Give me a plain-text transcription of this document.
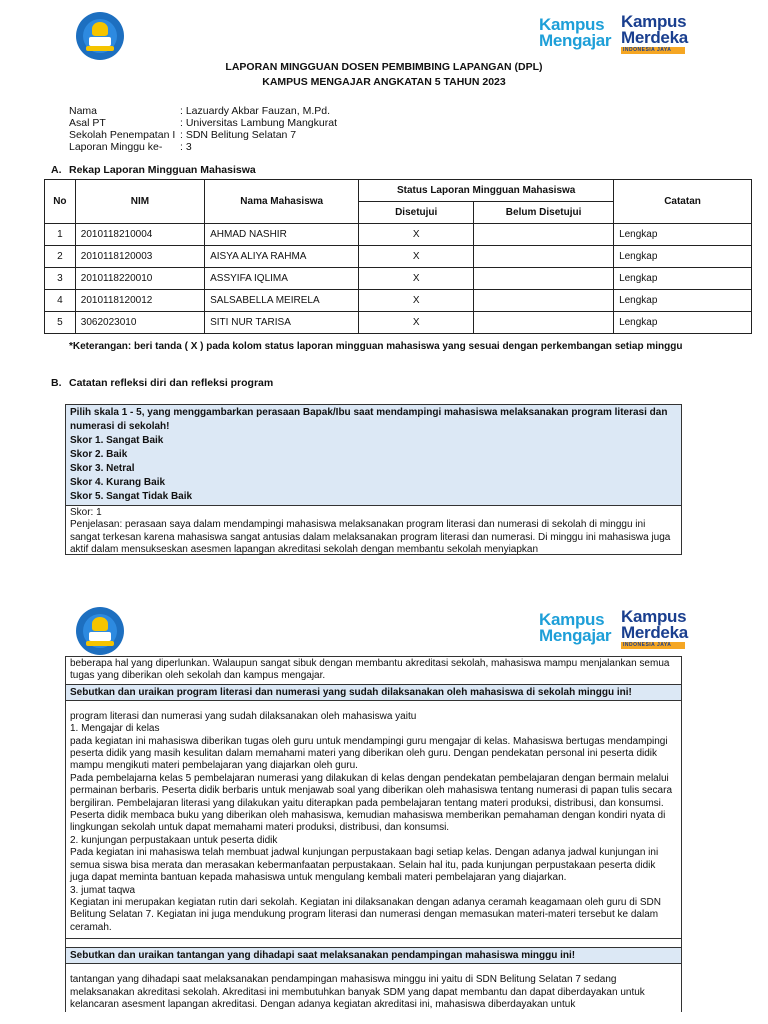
Kampus
Mengajar
Kampus
Merdeka
INDONESIA JAYA
LAPORAN MINGGUAN DOSEN PEMBIMBING LAPANGAN (DPL)
KAMPUS MENGAJAR ANGKATAN 5 TAHUN 2023
Nama	: Lazuardy Akbar Fauzan, M.Pd.
Asal PT	: Universitas Lambung Mangkurat
Sekolah Penempatan I : SDN Belitung Selatan 7
Laporan Minggu ke-	: 3
A. Rekap Laporan Mingguan Mahasiswa
No	NIM	Nama Mahasiswa	Status Laporan Mingguan Mahasiswa		Catatan
			Disetujui	Belum Disetujui	
1	2010118210004	AHMAD NASHIR	X		Lengkap
2	2010118120003	AISYA ALIYA RAHMA	X		Lengkap
3	2010118220010	ASSYIFA IQLIMA	X		Lengkap
4	2010118120012	SALSABELLA MEIRELA	X		Lengkap
5	3062023010	SITI NUR TARISA	X		Lengkap
*Keterangan: beri tanda ( X ) pada kolom status laporan mingguan mahasiswa yang sesuai dengan perkembangan setiap minggu
B. Catatan refleksi diri dan refleksi program
Pilih skala 1 - 5, yang menggambarkan perasaan Bapak/Ibu saat mendampingi mahasiswa melaksanakan program literasi dan numerasi di sekolah!
Skor 1. Sangat Baik
Skor 2. Baik
Skor 3. Netral
Skor 4. Kurang Baik
Skor 5. Sangat Tidak Baik
Skor: 1
Penjelasan: perasaan saya dalam mendampingi mahasiswa melaksanakan program literasi dan numerasi di sekolah di minggu ini sangat terkesan karena mahasiswa sangat antusias dalam melaksanakan program literasi dan numerasi. Di minggu ini mahasiswa juga aktif dalam mensukseskan asesmen lapangan akreditasi sekolah dengan membantu sekolah menyiapkan
Kampus
Mengajar
Kampus
Merdeka
INDONESIA JAYA
beberapa hal yang diperlunkan. Walaupun sangat sibuk dengan membantu akreditasi sekolah, mahasiswa mampu menjalankan semua tugas yang diberikan oleh sekolah dan kampus mengajar.
Sebutkan dan uraikan program literasi dan numerasi yang sudah dilaksanakan oleh mahasiswa di sekolah minggu ini!
program literasi dan numerasi yang sudah dilaksanakan oleh mahasiswa yaitu
1. Mengajar di kelas
pada kegiatan ini mahasiswa diberikan tugas oleh guru untuk mendampingi guru mengajar di kelas. Mahasiswa bertugas mendampingi peserta didik yang masih kesulitan dalam memahami materi yang diberikan oleh guru. Dengan pendekatan personal ini peserta didik mampu mengikuti materi pembelajaran yang diajarkan oleh guru.
Pada pembelajarna kelas 5 pembelajaran numerasi yang dilakukan di kelas dengan pendekatan pembelajaran dengan bermain melalui permainan berbaris. Peserta didik berbaris untuk menjawab soal yang diberikan oleh mahasiswa tentang numerasi di papan tulis secara bergiliran. Pembelajaran literasi yang dilakukan yaitu diterapkan pada pembelajaran tentang materi produksi, distribusi, dan konsumsi. Peserta didik membaca buku yang diberikan oleh mahasiswa, kemudian mahasiswa memberikan pemahaman dengan kondiri nyata di lingkungan sekolah untuk dapat memahami materi produksi, distribusi, dan konsumsi.
2. kunjungan perpustakaan untuk peserta didik
Pada kegiatan ini mahasiswa telah membuat jadwal kunjungan perpustakaan bagi setiap kelas. Dengan adanya jadwal kunjungan ini semua siswa bisa merata dan merasakan kebermanfaatan perpustakaan. Selain hal itu, pada kunjungan perpustakaan peserta didik juga dapat meminta bantuan kepada mahasiswa untuk mengulang kembali materi pembelajaran yang diajarkan.
3. jumat taqwa
Kegiatan ini merupakan kegiatan rutin dari sekolah. Kegiatan ini dilaksanakan dengan adanya ceramah keagamaan oleh guru di SDN Belitung Selatan 7. Kegiatan ini juga mendukung program literasi dan numerasi dengan memasukan materi-materi tersebut ke dalam ceramah.
Sebutkan dan uraikan tantangan yang dihadapi saat melaksanakan pendampingan mahasiswa minggu ini!
tantangan yang dihadapi saat melaksanakan pendampingan mahasiswa minggu ini yaitu di SDN Belitung Selatan 7 sedang melaksanakan akreditasi sekolah. Akreditasi ini membutuhkan banyak SDM yang dapat membantu dan dapat diberdayakan untuk kelancaran asesment lapangan akreditasi. Dengan adanya kegiatan akreditasi ini, mahasiswa diberdayakan untuk
